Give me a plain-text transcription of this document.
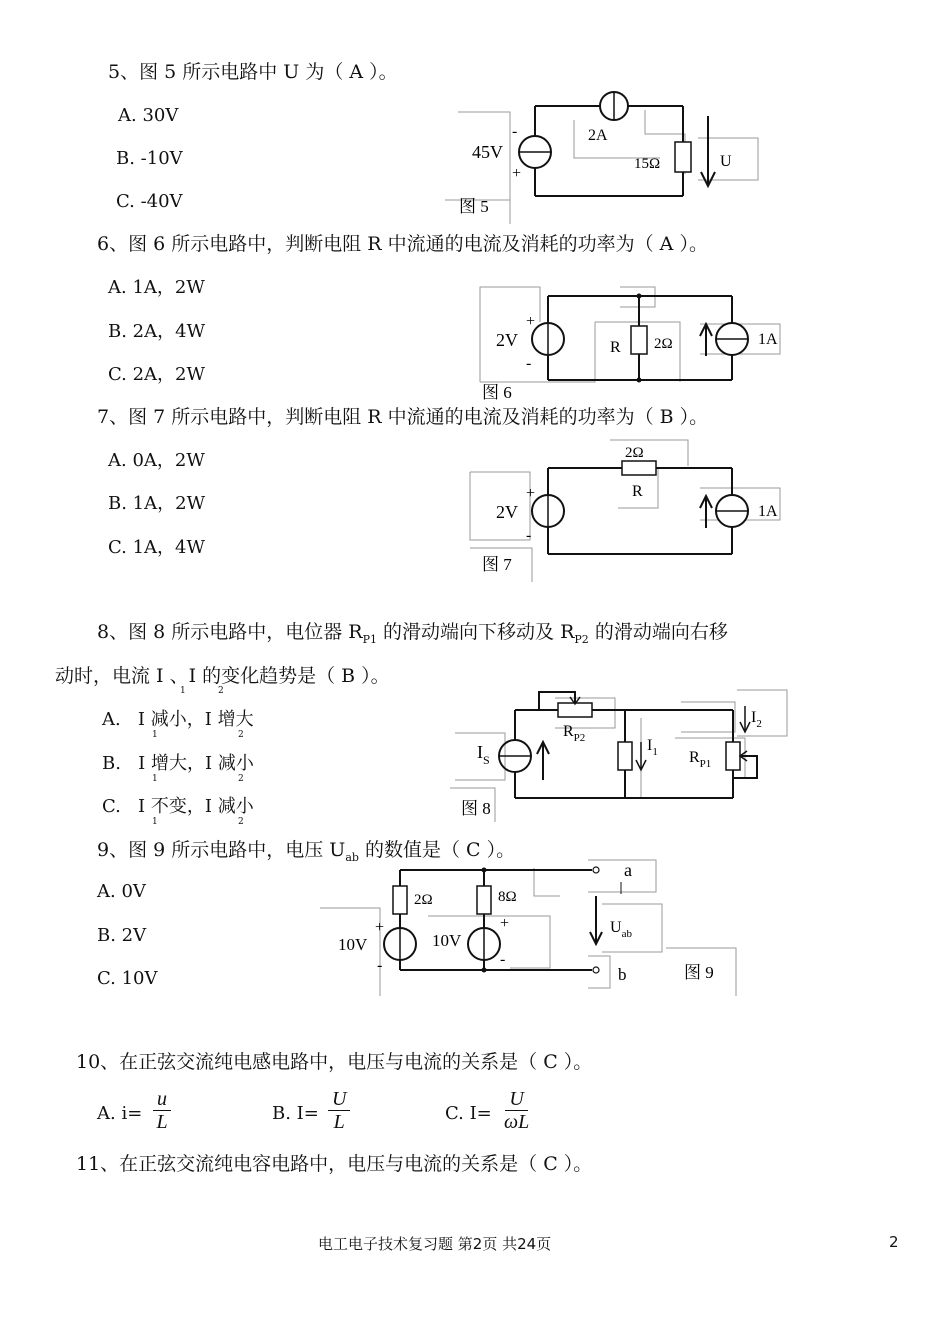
5、图 5 所示电路中 U 为（ A ）。
A. 30V
B. -10V
C. -40V
-
+
45V
2A
15Ω	U
图 5
6、图 6 所示电路中，判断电阻 R 中流通的电流及消耗的功率为（ A ）。
A. 1A，2W
B. 2A，4W
C. 2A，2W
+
-
2V	R 2Ω	1A
图 6
7、图 7 所示电路中，判断电阻 R 中流通的电流及消耗的功率为（ B ）。
A. 0A，2W
B. 1A，2W
C. 1A，4W
2Ω
R
+
-
2V	1A
图 7
8、图 8 所示电路中，电位器 $R_{P1}$ 的滑动端向下移动及 $R_{P2}$ 的滑动端向右移
动时，电流 I 、I 的变化趋势是（ B ）。
1	2
A. I 减小，I 增大
1	2
B. I 增大，I 减小
1	2
C. I 不变，I 减小
1	2
$I_S$
$R_{P2}$	$I_1$ $R_{P1}$
$I_2$
图 8
9、图 9 所示电路中，电压 $U_{ab}$ 的数值是（ C ）。
A. 0V
B. 2V
C. 10V
2Ω	8Ω
+
-
+
-
10V	10V
a
b
$U_{ab}$
图 9
10、在正弦交流纯电感电路中，电压与电流的关系是（ C ）。
A. $i= \frac{u}{L}$	B. $I= \frac{U}{L}$	C. $I= \frac{U}{\omega L}$
11、在正弦交流纯电容电路中，电压与电流的关系是（ C ）。
电工电子技术复习题 第2页 共24页	2
